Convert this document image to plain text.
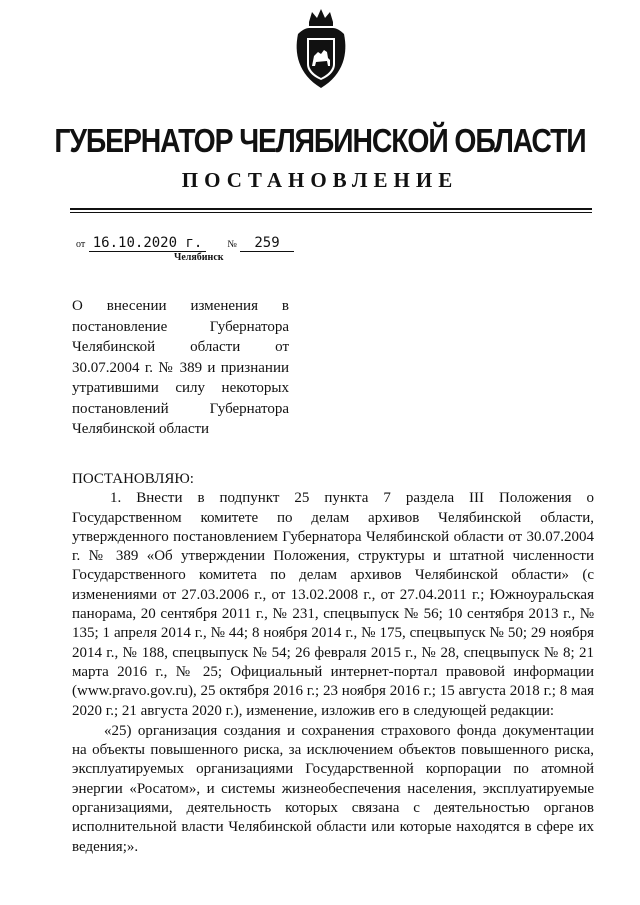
ГУБЕРНАТОР ЧЕЛЯБИНСКОЙ ОБЛАСТИ
ПОСТАНОВЛЕНИЕ
от 16.10.2020 г.	№ 259
Челябинск
О внесении изменения в постановление Губернатора Челябинской области от 30.07.2004 г. № 389 и признании утратившими силу некоторых постановлений Губернатора Челябинской области

ПОСТАНОВЛЯЮ:

1. Внести в подпункт 25 пункта 7 раздела III Положения о Государственном комитете по делам архивов Челябинской области, утвержденного постановлением Губернатора Челябинской области от 30.07.2004 г. № 389 «Об утверждении Положения, структуры и штатной численности Государственного комитета по делам архивов Челябинской области» (с изменениями от 27.03.2006 г., от 13.02.2008 г., от 27.04.2011 г.; Южноуральская панорама, 20 сентября 2011 г., № 231, спецвыпуск № 56; 10 сентября 2013 г., № 135; 1 апреля 2014 г., № 44; 8 ноября 2014 г., № 175, спецвыпуск № 50; 29 ноября 2014 г., № 188, спецвыпуск № 54; 26 февраля 2015 г., № 28, спецвыпуск № 8; 21 марта 2016 г., № 25; Официальный интернет-портал правовой информации (www.pravo.gov.ru), 25 октября 2016 г.; 23 ноября 2016 г.; 15 августа 2018 г.; 8 мая 2020 г.; 21 августа 2020 г.), изменение, изложив его в следующей редакции:

«25) организация создания и сохранения страхового фонда документации на объекты повышенного риска, за исключением объектов повышенного риска, эксплуатируемых организациями Государственной корпорации по атомной энергии «Росатом», и системы жизнеобеспечения населения, эксплуатируемые организациями, деятельность которых связана с деятельностью органов исполнительной власти Челябинской области или которые находятся в сфере их ведения;».
